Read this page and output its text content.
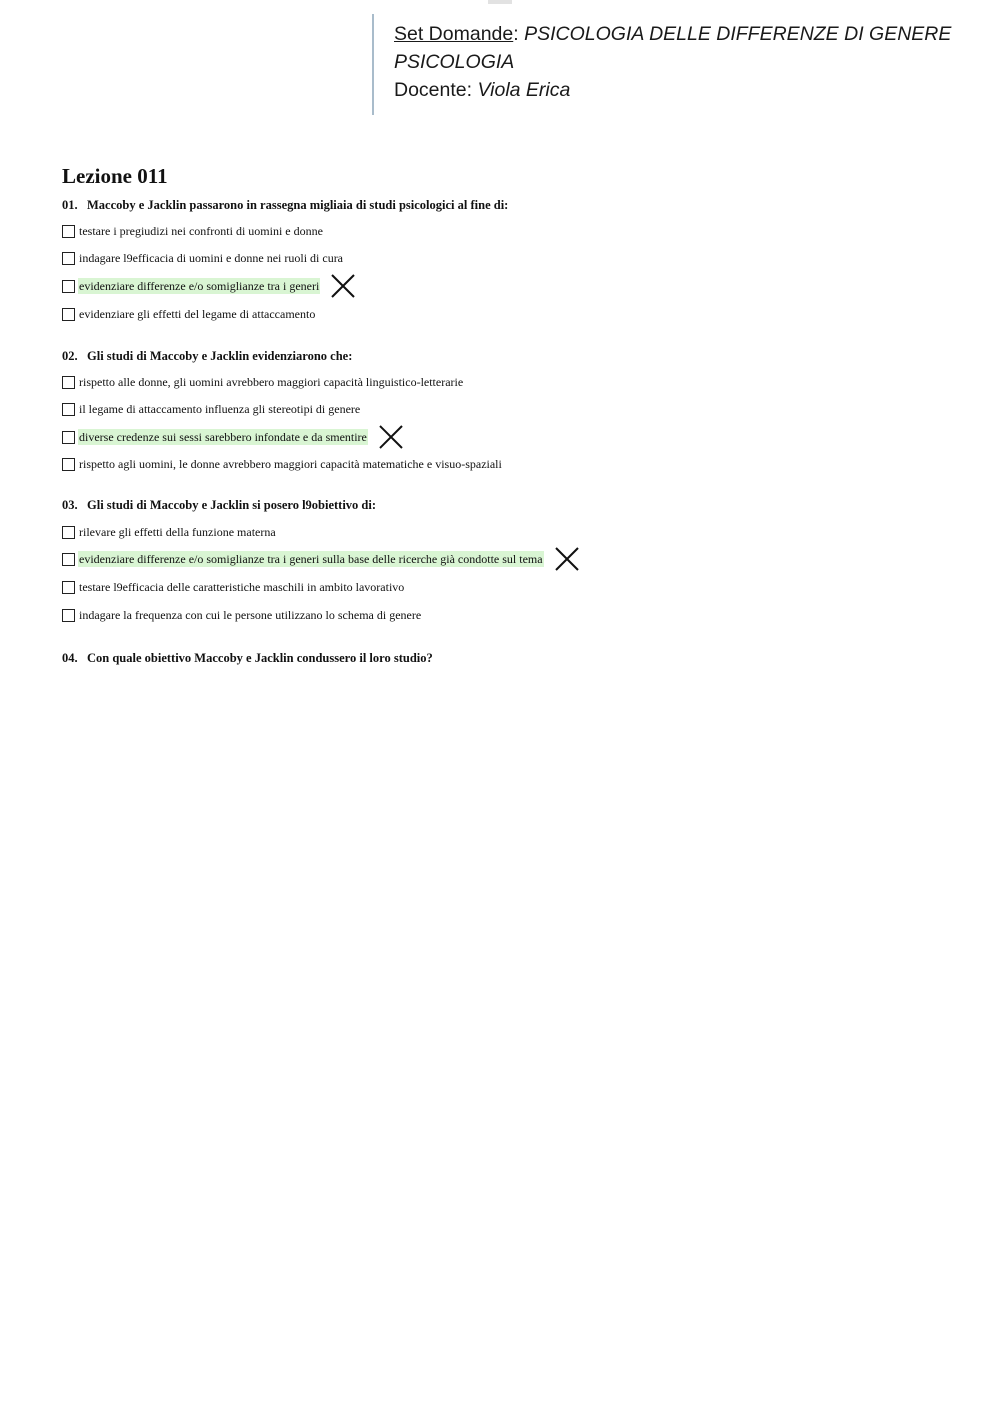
Set Domande: PSICOLOGIA DELLE DIFFERENZE DI GENERE
PSICOLOGIA
Docente: Viola Erica
Lezione 011
01. Maccoby e Jacklin passarono in rassegna migliaia di studi psicologici al fine di:
testare i pregiudizi nei confronti di uomini e donne
indagare l9efficacia di uomini e donne nei ruoli di cura
evidenziare differenze e/o somiglianze tra i generi
evidenziare gli effetti del legame di attaccamento
02. Gli studi di Maccoby e Jacklin evidenziarono che:
rispetto alle donne, gli uomini avrebbero maggiori capacità linguistico-letterarie
il legame di attaccamento influenza gli stereotipi di genere
diverse credenze sui sessi sarebbero infondate e da smentire
rispetto agli uomini, le donne avrebbero maggiori capacità matematiche e visuo-spaziali
03. Gli studi di Maccoby e Jacklin si posero l9obiettivo di:
rilevare gli effetti della funzione materna
evidenziare differenze e/o somiglianze tra i generi sulla base delle ricerche già condotte sul tema
testare l9efficacia delle caratteristiche maschili in ambito lavorativo
indagare la frequenza con cui le persone utilizzano lo schema di genere
04. Con quale obiettivo Maccoby e Jacklin condussero il loro studio?
